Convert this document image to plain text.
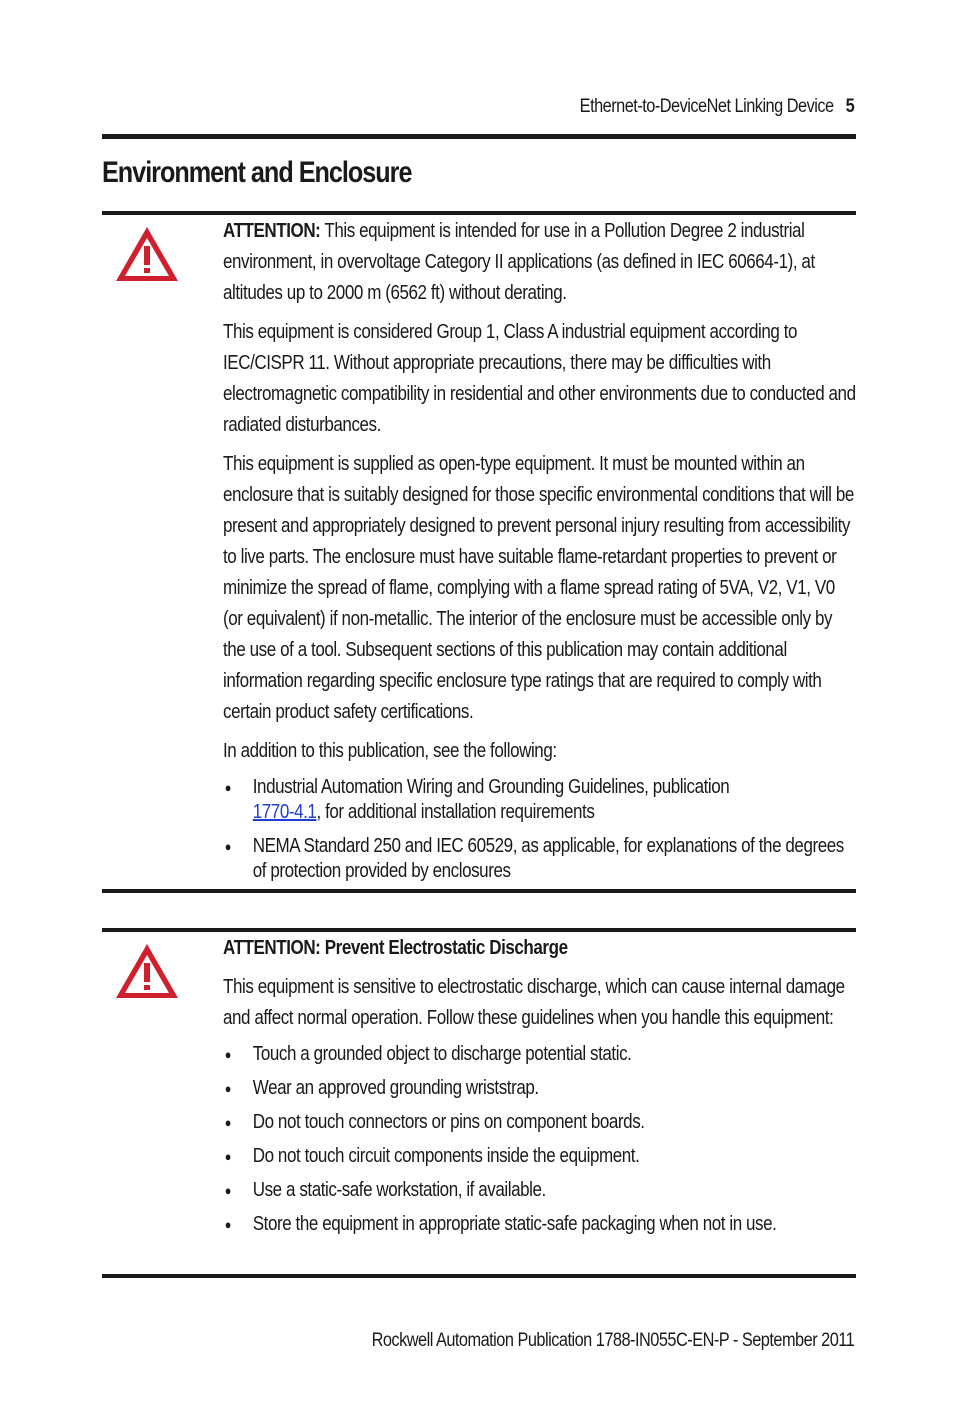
Ethernet-to-DeviceNet Linking Device 5
Environment and Enclosure

ATTENTION: This equipment is intended for use in a Pollution Degree 2 industrial environment, in overvoltage Category II applications (as defined in IEC 60664-1), at altitudes up to 2000 m (6562 ft) without derating.

This equipment is considered Group 1, Class A industrial equipment according to IEC/CISPR 11. Without appropriate precautions, there may be difficulties with electromagnetic compatibility in residential and other environments due to conducted and radiated disturbances.

This equipment is supplied as open-type equipment. It must be mounted within an enclosure that is suitably designed for those specific environmental conditions that will be present and appropriately designed to prevent personal injury resulting from accessibility to live parts. The enclosure must have suitable flame-retardant properties to prevent or minimize the spread of flame, complying with a flame spread rating of 5VA, V2, V1, V0 (or equivalent) if non-metallic. The interior of the enclosure must be accessible only by the use of a tool. Subsequent sections of this publication may contain additional information regarding specific enclosure type ratings that are required to comply with certain product safety certifications.

In addition to this publication, see the following:

● Industrial Automation Wiring and Grounding Guidelines, publication
1770-4.1, for additional installation requirements
● NEMA Standard 250 and IEC 60529, as applicable, for explanations of the degrees of protection provided by enclosures

ATTENTION: Prevent Electrostatic Discharge

This equipment is sensitive to electrostatic discharge, which can cause internal damage and affect normal operation. Follow these guidelines when you handle this equipment:

● Touch a grounded object to discharge potential static.
● Wear an approved grounding wriststrap.
● Do not touch connectors or pins on component boards.
● Do not touch circuit components inside the equipment.
● Use a static-safe workstation, if available.
● Store the equipment in appropriate static-safe packaging when not in use.
Rockwell Automation Publication 1788-IN055C-EN-P - September 2011
